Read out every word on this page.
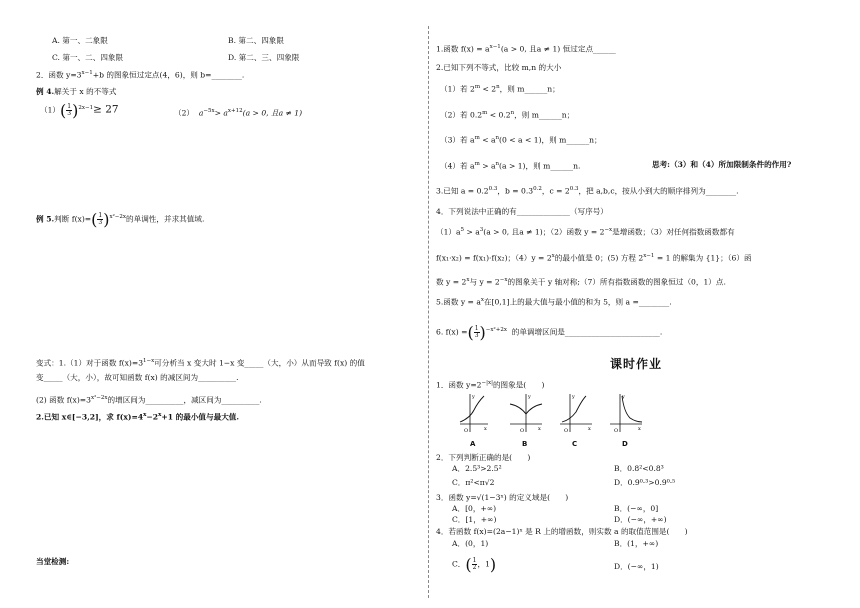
A. 第一、二象限	B. 第二、四象限
C. 第一、二、四象限	D. 第二、三、四象限
2．函数 $y=3^{x-1}+b$ 的图象恒过定点(4，6)，则 b=________.
例 4.解关于 x 的不等式
$(1)( \frac{1}{3} )^{2x-1}\ge 27$	（2） $a^{-5x}> a^{x+12}(a > 0$, 且a ≠ 1)
例 5.判断 $f(x)=( \frac{1}{3} )^{x^2-2x}$的单调性，并求其值域.
变式：1.（1）对于函数 $f(x)=3^{1-x}$可分析当 x 变大时 1−x 变_____（大，小）从而导致 f(x) 的值
变_____（大，小），故可知函数 f(x) 的减区间为__________.
(2) 函数 $f(x)=3^{x^2-2x}$的增区间为__________，减区间为__________.
2.已知 x∈[−3,2]，求 $f(x)=4^x-2^x+1$ 的最小值与最大值.
当堂检测:
1.函数 $f(x) = a^{x-1}(a > 0$, 且a ≠ 1) 恒过定点______
2.已知下列不等式，比较 m,n 的大小
（1）若 $2^m < 2^n$，则 m______n；
（2）若 $0.2^m < 0.2^n$，则 m______n；
（3）若 $a^m < a^n(0 < a < 1)$，则 m______n；
（4）若 $a^m > a^n(a > 1)$，则 m______n.	思考:（3）和（4）所加限制条件的作用?
3.已知 $a = 0.2^{0.3}$，$b = 0.3^{0.2}$，$c = 2^{0.3}$，把 a,b,c，按从小到大的顺序排列为________.
4．下列说法中正确的有______________（写序号）
$(1)a^5 > a^3(a > 0$, 且a ≠ 1)；（2）函数 $y = 2^{-x}$是增函数；（3）对任何指数函数都有
f(x₁·x₂) = f(x₁)·f(x₂)；$(4)y = 2^x$的最小值是 0；(5) 方程 $2^{x-1} = 1$ 的解集为 {1}；（6）函
数 $y = 2^x$与 $y = 2^{-x}$的图象关于 y 轴对称;（7）所有指数函数的图象恒过（0，1）点.
5.函数 $y = a^x$在[0,1]上的最大值与最小值的和为 5，则 a =________.
6. f(x) =( $\frac{1}{3} )^{-x^2+2x}$ 的单调增区间是_________________________.
课时作业
1．函数 $y=2^{-|x|}$的图象是(　　)
O	x
y
O	x
y
O	x
y
O	x
y
A	B	C	D
2．下列判断正确的是(　　)
A．2.5³>2.5²	B．0.8²<0.8³
C．π²<π√2	D．0.9⁰·³>0.9⁰·⁵
3．函数 y=√(1−3ˣ) 的定义域是(　　)
A．[0，+∞)	B．(−∞，0]
C．[1，+∞)	D．(−∞，+∞)
4．若函数 f(x)=(2a−1)ˣ 是 R 上的增函数，则实数 a 的取值范围是(　　)
A．(0，1)	B．(1，+∞)
C．( $\frac{1}{2}$ ，1)	D．(−∞，1)
